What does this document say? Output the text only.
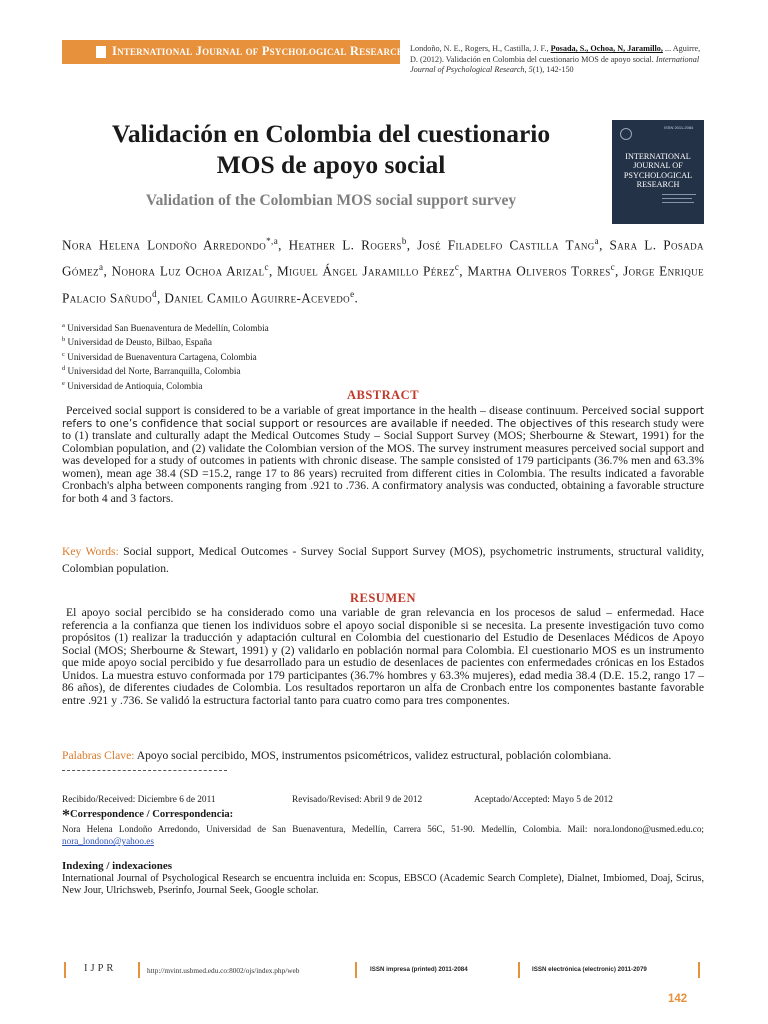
International Journal of Psychological Research Londoño, N. E., Rogers, H., Castilla, J. F., Posada, S., Ochoa, N, Jaramillo, ... Aguirre, D. (2012). Validación en Colombia del cuestionario MOS de apoyo social. International Journal of Psychological Research, 5(1), 142-150
Validación en Colombia del cuestionario
MOS de apoyo social
Validation of the Colombian MOS social support survey
ISSN 2011-2084
INTERNATIONAL JOURNAL OF PSYCHOLOGICAL RESEARCH
Nora Helena Londoño Arredondo$^{*,a}$, Heather L. Rogers$^b$, José Filadelfo Castilla Tang$^a$, Sara L. Posada Gómez$^a$, Nohora Luz Ochoa Arizal$^c$, Miguel Ángel Jaramillo Pérez$^c$, Martha Oliveros Torres$^c$, Jorge Enrique Palacio Sañudo$^d$, Daniel Camilo Aguirre-Acevedo$^e$.
$^a$ Universidad San Buenaventura de Medellín, Colombia
$^b$ Universidad de Deusto, Bilbao, España
$^c$ Universidad de Buenaventura Cartagena, Colombia
$^d$ Universidad del Norte, Barranquilla, Colombia
$^e$ Universidad de Antioquia, Colombia
ABSTRACT
Perceived social support is considered to be a variable of great importance in the health – disease continuum. Perceived social support refers to one’s confidence that social support or resources are available if needed. The objectives of this research study were to (1) translate and culturally adapt the Medical Outcomes Study – Social Support Survey (MOS; Sherbourne & Stewart, 1991) for the Colombian population, and (2) validate the Colombian version of the MOS. The survey instrument measures perceived social support and was developed for a study of outcomes in patients with chronic disease. The sample consisted of 179 participants (36.7% men and 63.3% women), mean age 38.4 (SD =15.2, range 17 to 86 years) recruited from different cities in Colombia. The results indicated a favorable Cronbach's alpha between components ranging from .921 to .736. A confirmatory analysis was conducted, obtaining a favorable structure for both 4 and 3 factors.
Key Words: Social support, Medical Outcomes - Survey Social Support Survey (MOS), psychometric instruments, structural validity, Colombian population.
RESUMEN
El apoyo social percibido se ha considerado como una variable de gran relevancia en los procesos de salud – enfermedad. Hace referencia a la confianza que tienen los individuos sobre el apoyo social disponible si se necesita. La presente investigación tuvo como propósitos (1) realizar la traducción y adaptación cultural en Colombia del cuestionario del Estudio de Desenlaces Médicos de Apoyo Social (MOS; Sherbourne & Stewart, 1991) y (2) validarlo en población normal para Colombia. El cuestionario MOS es un instrumento que mide apoyo social percibido y fue desarrollado para un estudio de desenlaces de pacientes con enfermedades crónicas en los Estados Unidos. La muestra estuvo conformada por 179 participantes (36.7% hombres y 63.3% mujeres), edad media 38.4 (D.E. 15.2, rango 17 – 86 años), de diferentes ciudades de Colombia. Los resultados reportaron un alfa de Cronbach entre los componentes bastante favorable entre .921 y .736. Se validó la estructura factorial tanto para cuatro como para tres componentes.
Palabras Clave: Apoyo social percibido, MOS, instrumentos psicométricos, validez estructural, población colombiana.
Recibido/Received: Diciembre 6 de 2011	Revisado/Revised: Abril 9 de 2012	Aceptado/Accepted: Mayo 5 de 2012
*Correspondence / Correspondencia:
Nora Helena Londoño Arredondo, Universidad de San Buenaventura, Medellín, Carrera 56C, 51-90. Medellín, Colombia. Mail: nora.londono@usmed.edu.co; nora_londono@yahoo.es
Indexing / indexaciones
International Journal of Psychological Research se encuentra incluida en: Scopus, EBSCO (Academic Search Complete), Dialnet, Imbiomed, Doaj, Scirus, New Jour, Ulrichsweb, Pserinfo, Journal Seek, Google scholar.
IJPR	http://mvint.usbmed.edu.co:8002/ojs/index.php/web	ISSN impresa (printed) 2011-2084	ISSN electrónica (electronic) 2011-2079
142
